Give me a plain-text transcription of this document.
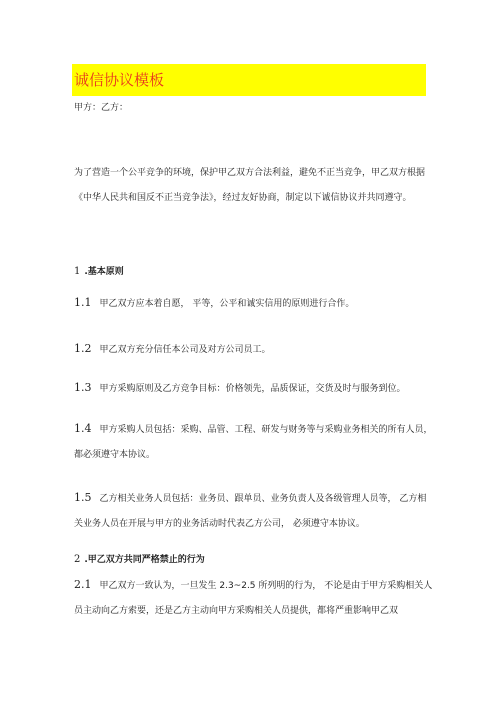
诚信协议模板
甲方：乙方：

为了营造一个公平竞争的环境，保护甲乙双方合法利益，避免不正当竞争，甲乙双方根据《中华人民共和国反不正当竞争法》，经过友好协商，制定以下诚信协议并共同遵守。

1 .基本原则

1.1 甲乙双方应本着自愿， 平等，公平和诚实信用的原则进行合作。

1.2 甲乙双方充分信任本公司及对方公司员工。

1.3 甲方采购原则及乙方竞争目标：价格领先，品质保证，交货及时与服务到位。

1.4 甲方采购人员包括：采购、品管、工程、研发与财务等与采购业务相关的所有人员， 都必须遵守本协议。

1.5 乙方相关业务人员包括：业务员、跟单员、业务负责人及各级管理人员等， 乙方相关业务人员在开展与甲方的业务活动时代表乙方公司， 必须遵守本协议。

2 .甲乙双方共同严格禁止的行为

2.1 甲乙双方一致认为，一旦发生 2.3~2.5 所列明的行为， 不论是由于甲方采购相关人员主动向乙方索要，还是乙方主动向甲方采购相关人员提供，都将严重影响甲乙双
